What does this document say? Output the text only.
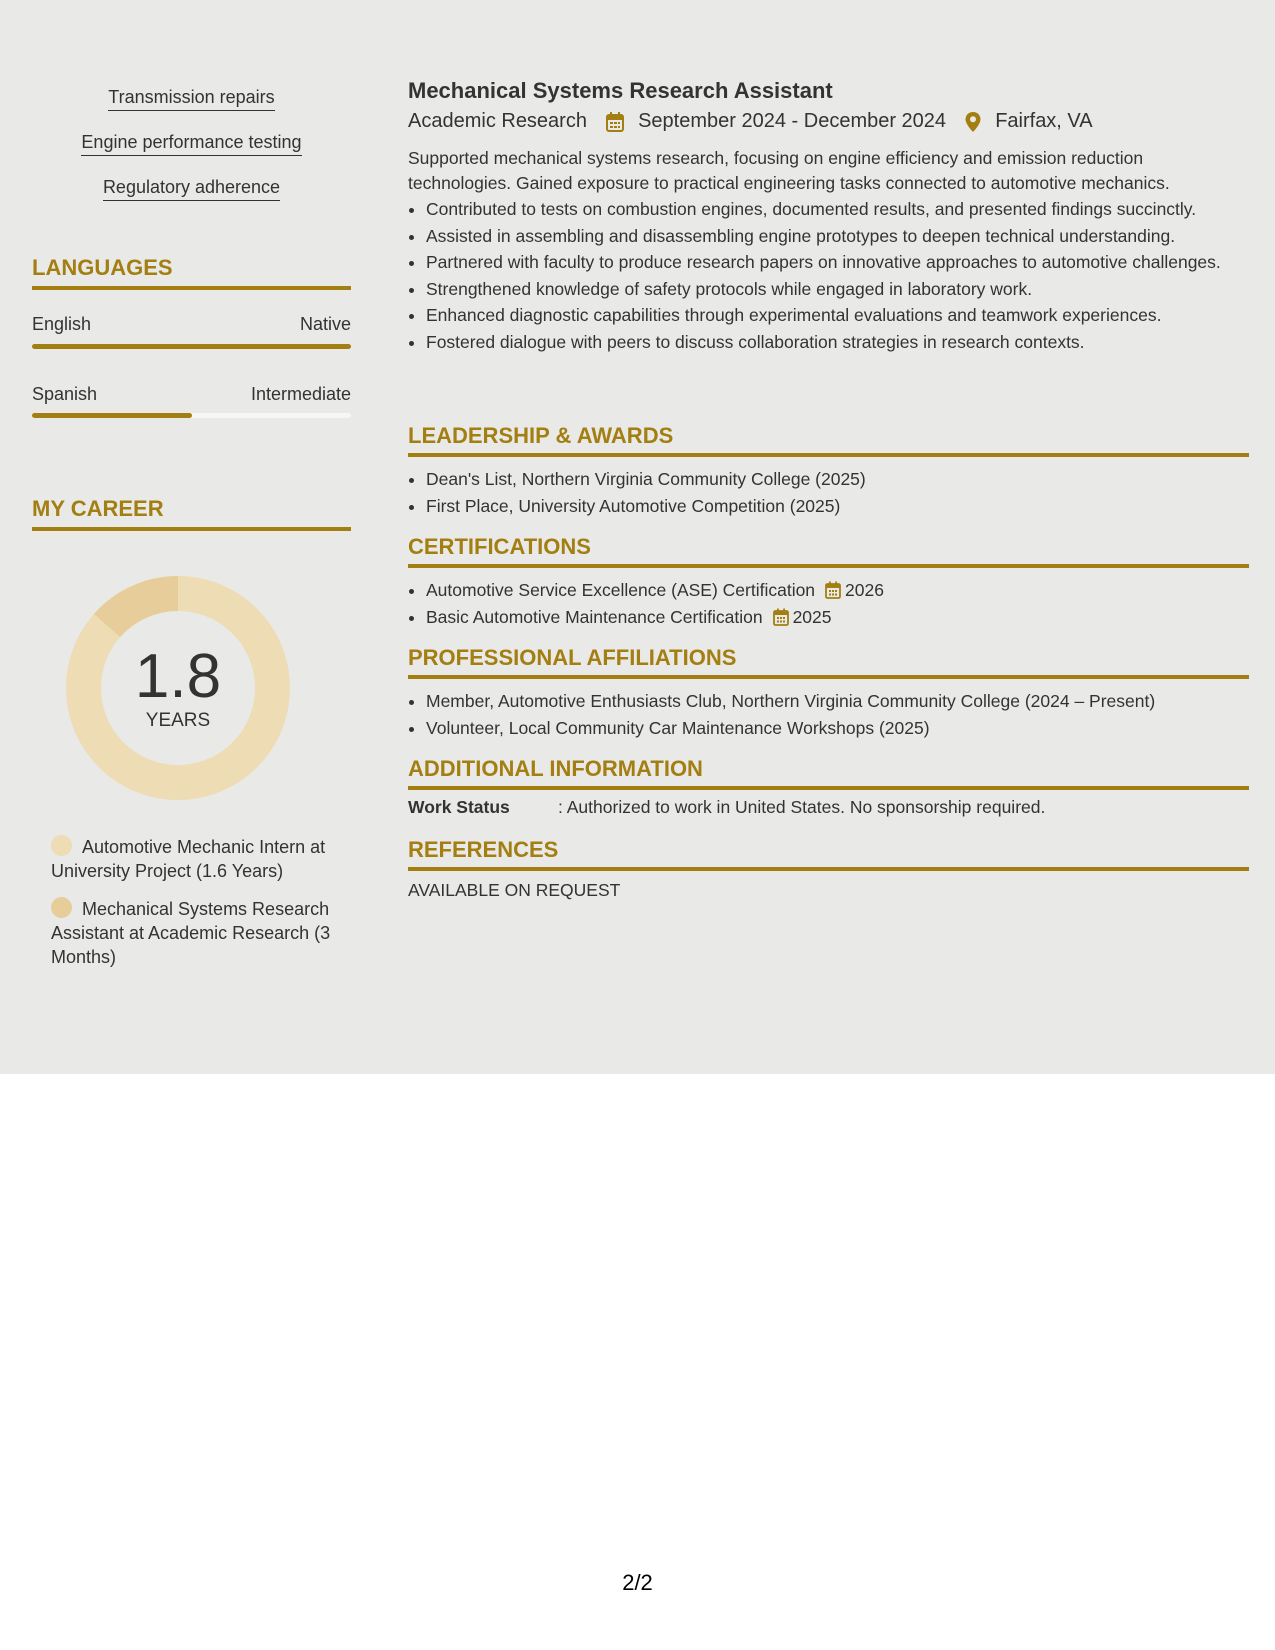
Transmission repairs
Engine performance testing
Regulatory adherence
LANGUAGES
English	Native
Spanish	Intermediate
MY CAREER
1.8
YEARS
Automotive Mechanic Intern at University Project (1.6 Years)
Mechanical Systems Research Assistant at Academic Research (3 Months)
Mechanical Systems Research Assistant
Academic Research	September 2024 - December 2024 Fairfax, VA
Supported mechanical systems research, focusing on engine efficiency and emission reduction technologies. Gained exposure to practical engineering tasks connected to automotive mechanics.
• Contributed to tests on combustion engines, documented results, and presented findings succinctly.
• Assisted in assembling and disassembling engine prototypes to deepen technical understanding.
• Partnered with faculty to produce research papers on innovative approaches to automotive challenges.
• Strengthened knowledge of safety protocols while engaged in laboratory work.
• Enhanced diagnostic capabilities through experimental evaluations and teamwork experiences.
• Fostered dialogue with peers to discuss collaboration strategies in research contexts.
LEADERSHIP & AWARDS
• Dean's List, Northern Virginia Community College (2025)
• First Place, University Automotive Competition (2025)
CERTIFICATIONS
• Automotive Service Excellence (ASE) Certification 2026
• Basic Automotive Maintenance Certification 2025
PROFESSIONAL AFFILIATIONS
• Member, Automotive Enthusiasts Club, Northern Virginia Community College (2024 – Present)
• Volunteer, Local Community Car Maintenance Workshops (2025)
ADDITIONAL INFORMATION
Work Status	: Authorized to work in United States. No sponsorship required.
REFERENCES
AVAILABLE ON REQUEST
2/2
